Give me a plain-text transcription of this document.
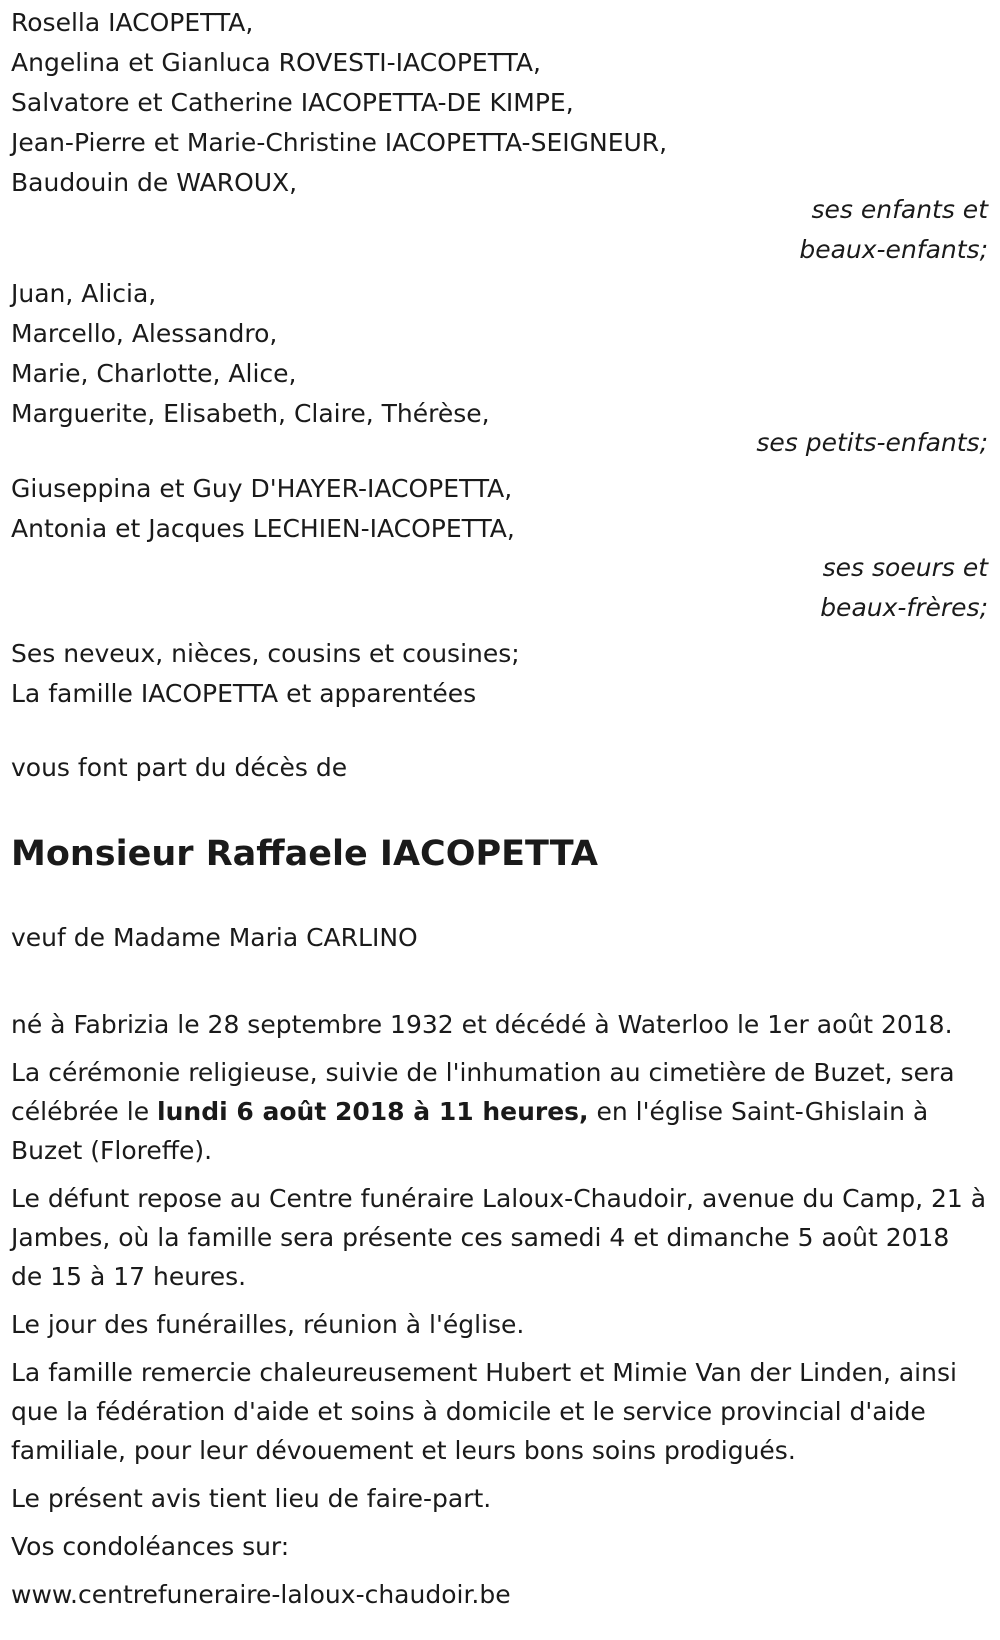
Rosella IACOPETTA,
Angelina et Gianluca ROVESTI-IACOPETTA,
Salvatore et Catherine IACOPETTA-DE KIMPE,
Jean-Pierre et Marie-Christine IACOPETTA-SEIGNEUR,
Baudouin de WAROUX,
ses enfants et
beaux-enfants;
Juan, Alicia,
Marcello, Alessandro,
Marie, Charlotte, Alice,
Marguerite, Elisabeth, Claire, Thérèse,
ses petits-enfants;
Giuseppina et Guy D'HAYER-IACOPETTA,
Antonia et Jacques LECHIEN-IACOPETTA,
ses soeurs et
beaux-frères;
Ses neveux, nièces, cousins et cousines;
La famille IACOPETTA et apparentées
vous font part du décès de
Monsieur Raffaele IACOPETTA
veuf de Madame Maria CARLINO

né à Fabrizia le 28 septembre 1932 et décédé à Waterloo le 1er août 2018.

La cérémonie religieuse, suivie de l'inhumation au cimetière de Buzet, sera célébrée le lundi 6 août 2018 à 11 heures, en l'église Saint-Ghislain à Buzet (Floreffe).

Le défunt repose au Centre funéraire Laloux-Chaudoir, avenue du Camp, 21 à Jambes, où la famille sera présente ces samedi 4 et dimanche 5 août 2018 de 15 à 17 heures.

Le jour des funérailles, réunion à l'église.

La famille remercie chaleureusement Hubert et Mimie Van der Linden, ainsi que la fédération d'aide et soins à domicile et le service provincial d'aide familiale, pour leur dévouement et leurs bons soins prodigués.

Le présent avis tient lieu de faire-part.

Vos condoléances sur:

www.centrefuneraire-laloux-chaudoir.be
